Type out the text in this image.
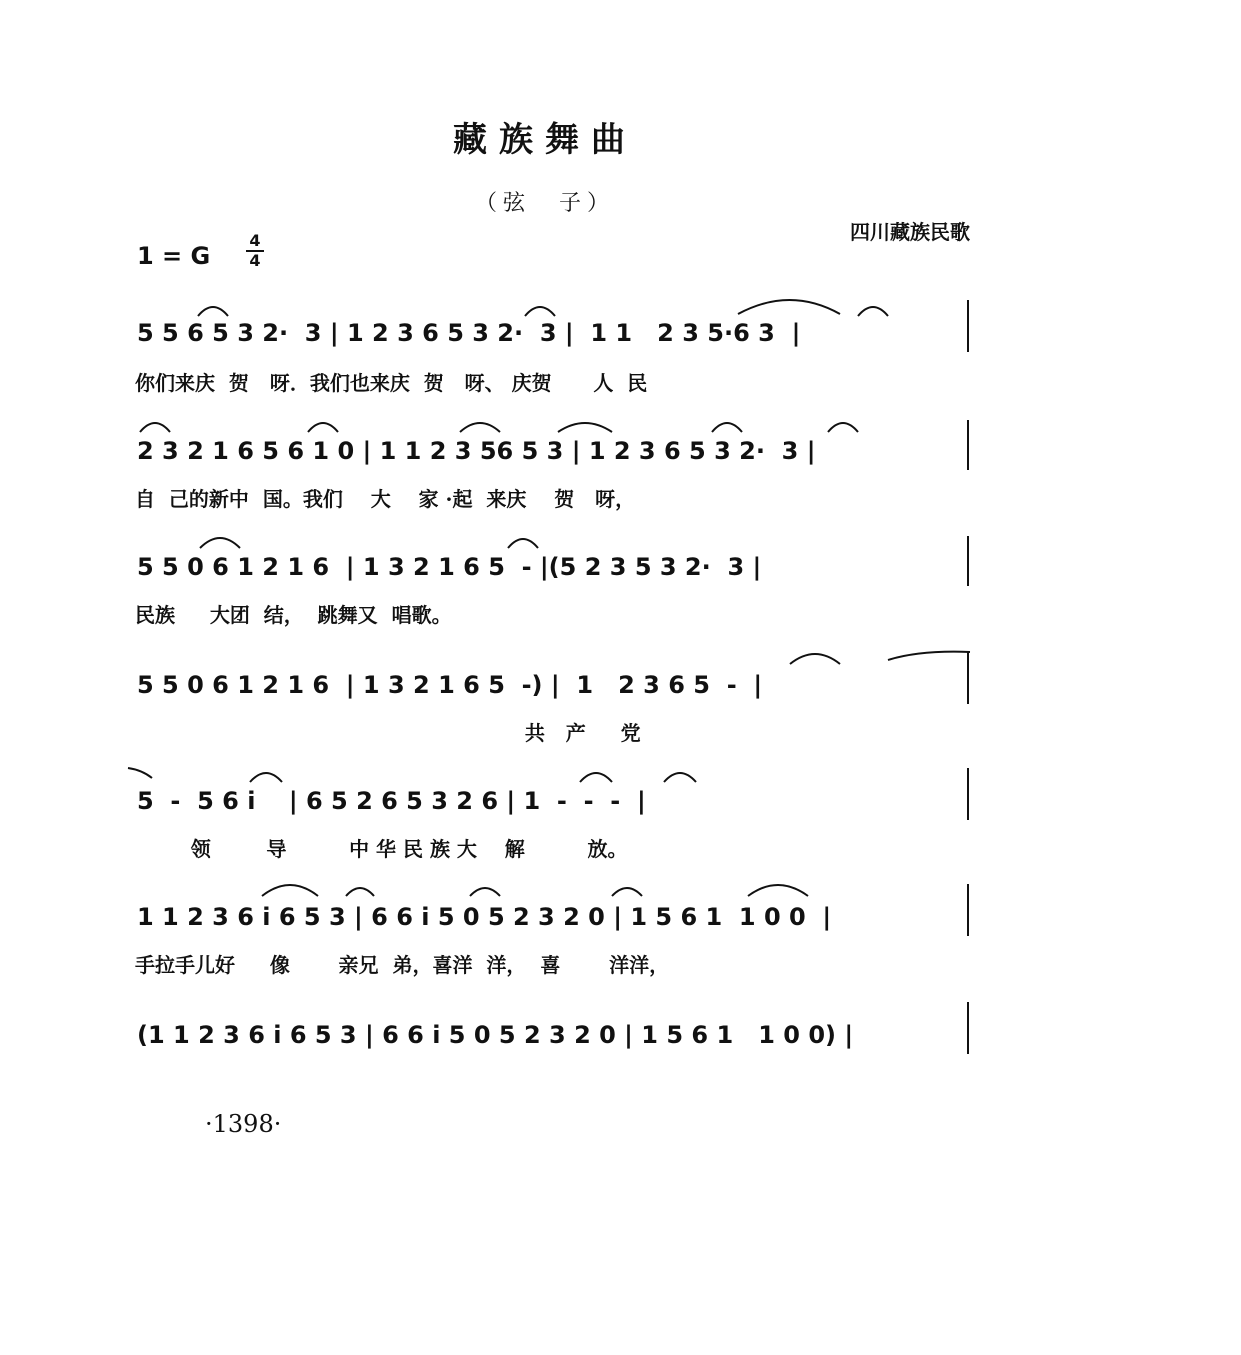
藏族舞曲
（弦　子）
四川藏族民歌
1 = G
4
4
5 5 6 5 3 2·  3 | 1 2 3 6 5 3 2·  3 |  1 1   2 3 5·6 3  |
你们来庆  贺   呀．我们也来庆  贺   呀、 庆贺      人  民
2 3 2 1 6 5 6 1 0 | 1 1 2 3 56 5 3 | 1 2 3 6 5 3 2·  3 |
自  己的新中  国。我们    大    家 ·起  来庆    贺   呀，
5 5 0 6 1 2 1 6  | 1 3 2 1 6 5  - |(5 2 3 5 3 2·  3 |
民族     大团  结，  跳舞又  唱歌。
5 5 0 6 1 2 1 6  | 1 3 2 1 6 5  -) |  1   2 3 6 5  -  |
共   产     党
5  -  5 6 i    | 6 5 2 6 5 3 2 6 | 1  -  -  -  |
领        导         中 华 民 族 大    解         放。
1 1 2 3 6 i 6 5 3 | 6 6 i 5 0 5 2 3 2 0 | 1 5 6 1  1 0 0  |
手拉手儿好     像       亲兄  弟，喜洋  洋，  喜       洋洋，
(1 1 2 3 6 i 6 5 3 | 6 6 i 5 0 5 2 3 2 0 | 1 5 6 1   1 0 0) |
·1398·
